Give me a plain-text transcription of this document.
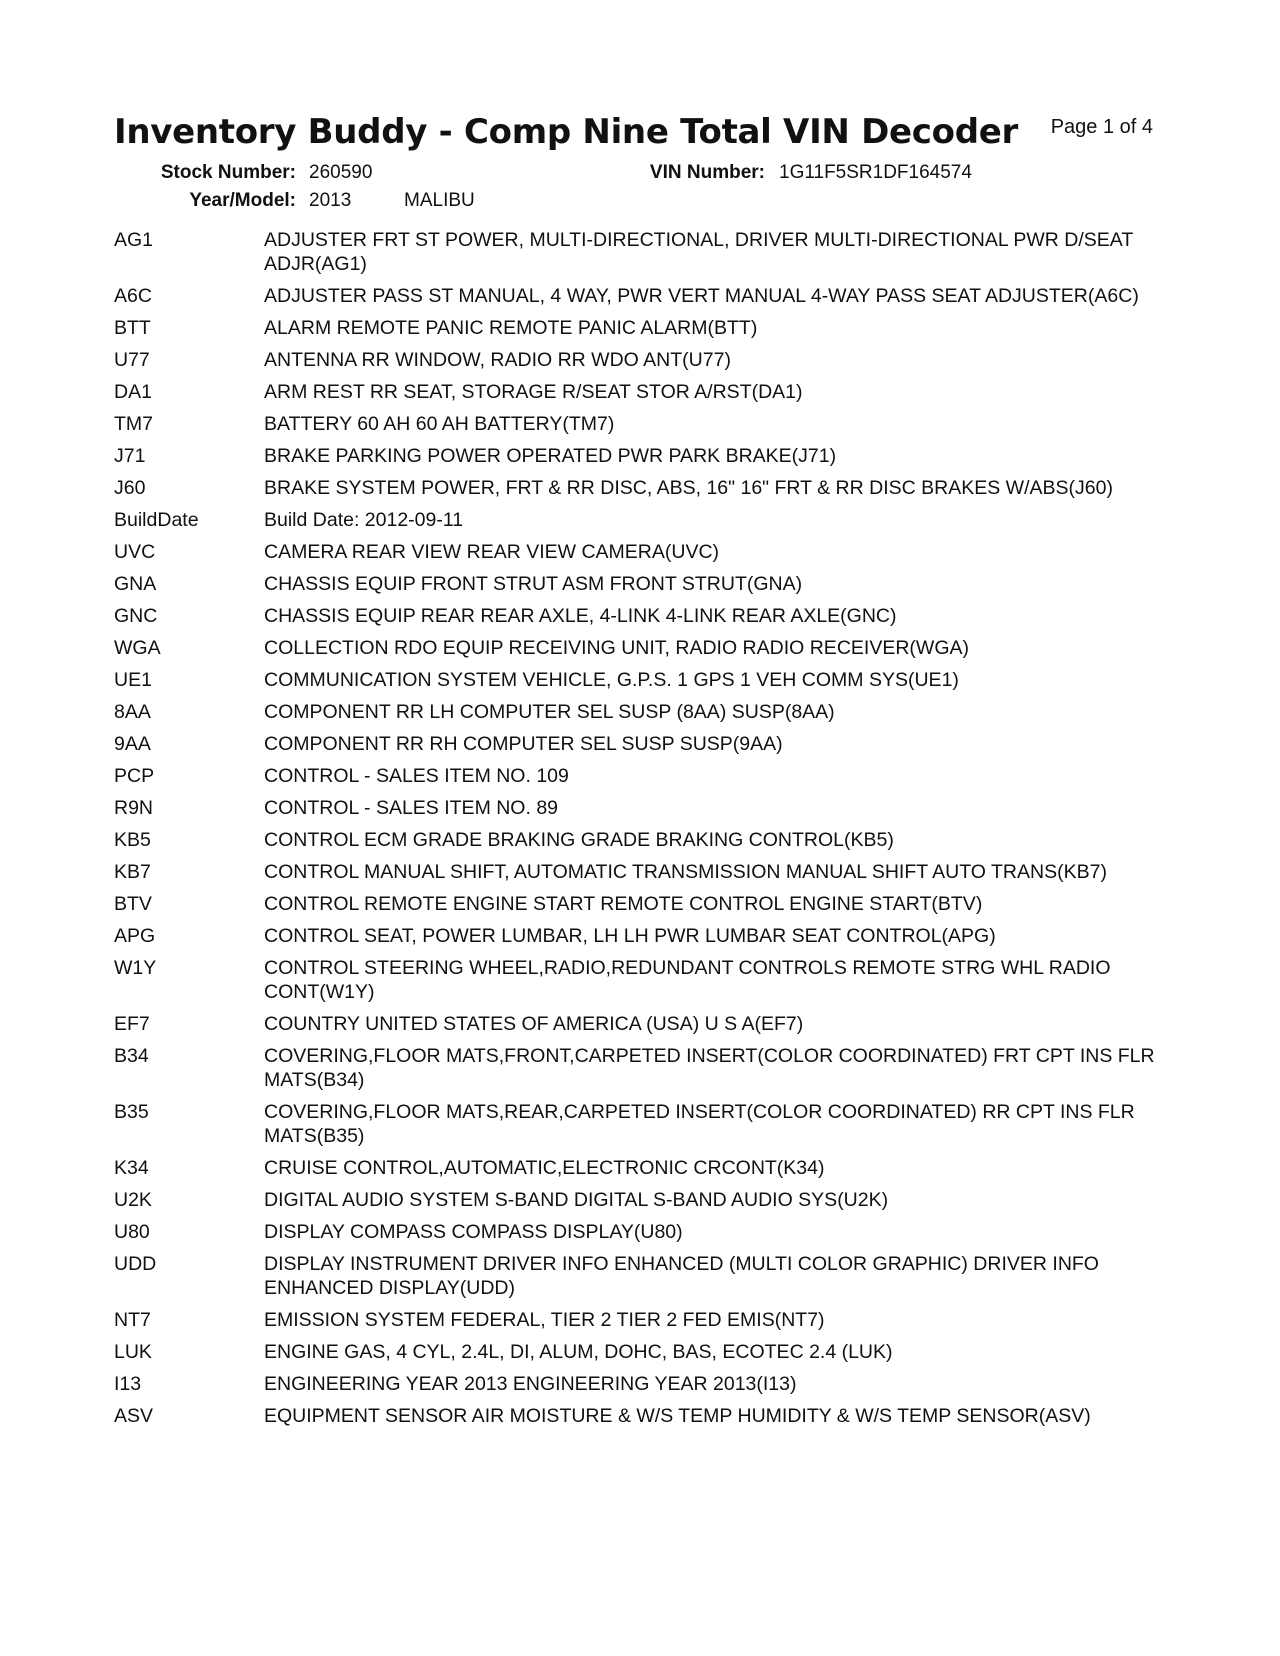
Inventory Buddy - Comp Nine Total VIN Decoder Page 1 of 4
Stock Number: 260590	VIN Number: 1G11F5SR1DF164574
Year/Model: 2013	MALIBU
AG1	ADJUSTER FRT ST POWER, MULTI-DIRECTIONAL, DRIVER MULTI-DIRECTIONAL PWR D/SEAT ADJR(AG1)
A6C	ADJUSTER PASS ST MANUAL, 4 WAY, PWR VERT MANUAL 4-WAY PASS SEAT ADJUSTER(A6C)
BTT	ALARM REMOTE PANIC REMOTE PANIC ALARM(BTT)
U77	ANTENNA RR WINDOW, RADIO RR WDO ANT(U77)
DA1	ARM REST RR SEAT, STORAGE R/SEAT STOR A/RST(DA1)
TM7	BATTERY 60 AH 60 AH BATTERY(TM7)
J71	BRAKE PARKING POWER OPERATED PWR PARK BRAKE(J71)
J60	BRAKE SYSTEM POWER, FRT & RR DISC, ABS, 16" 16" FRT & RR DISC BRAKES W/ABS(J60)
BuildDate	Build Date: 2012-09-11
UVC	CAMERA REAR VIEW REAR VIEW CAMERA(UVC)
GNA	CHASSIS EQUIP FRONT STRUT ASM FRONT STRUT(GNA)
GNC	CHASSIS EQUIP REAR REAR AXLE, 4-LINK 4-LINK REAR AXLE(GNC)
WGA	COLLECTION RDO EQUIP RECEIVING UNIT, RADIO RADIO RECEIVER(WGA)
UE1	COMMUNICATION SYSTEM VEHICLE, G.P.S. 1 GPS 1 VEH COMM SYS(UE1)
8AA	COMPONENT RR LH COMPUTER SEL SUSP (8AA) SUSP(8AA)
9AA	COMPONENT RR RH COMPUTER SEL SUSP SUSP(9AA)
PCP	CONTROL - SALES ITEM NO. 109
R9N	CONTROL - SALES ITEM NO. 89
KB5	CONTROL ECM GRADE BRAKING GRADE BRAKING CONTROL(KB5)
KB7	CONTROL MANUAL SHIFT, AUTOMATIC TRANSMISSION MANUAL SHIFT AUTO TRANS(KB7)
BTV	CONTROL REMOTE ENGINE START REMOTE CONTROL ENGINE START(BTV)
APG	CONTROL SEAT, POWER LUMBAR, LH LH PWR LUMBAR SEAT CONTROL(APG)
W1Y	CONTROL STEERING WHEEL,RADIO,REDUNDANT CONTROLS REMOTE STRG WHL RADIO CONT(W1Y)
EF7	COUNTRY UNITED STATES OF AMERICA (USA) U S A(EF7)
B34	COVERING,FLOOR MATS,FRONT,CARPETED INSERT(COLOR COORDINATED) FRT CPT INS FLR MATS(B34)
B35	COVERING,FLOOR MATS,REAR,CARPETED INSERT(COLOR COORDINATED) RR CPT INS FLR MATS(B35)
K34	CRUISE CONTROL,AUTOMATIC,ELECTRONIC CRCONT(K34)
U2K	DIGITAL AUDIO SYSTEM S-BAND DIGITAL S-BAND AUDIO SYS(U2K)
U80	DISPLAY COMPASS COMPASS DISPLAY(U80)
UDD	DISPLAY INSTRUMENT DRIVER INFO ENHANCED (MULTI COLOR GRAPHIC) DRIVER INFO ENHANCED DISPLAY(UDD)
NT7	EMISSION SYSTEM FEDERAL, TIER 2 TIER 2 FED EMIS(NT7)
LUK	ENGINE GAS, 4 CYL, 2.4L, DI, ALUM, DOHC, BAS, ECOTEC 2.4 (LUK)
I13	ENGINEERING YEAR 2013 ENGINEERING YEAR 2013(I13)
ASV	EQUIPMENT SENSOR AIR MOISTURE & W/S TEMP HUMIDITY & W/S TEMP SENSOR(ASV)
